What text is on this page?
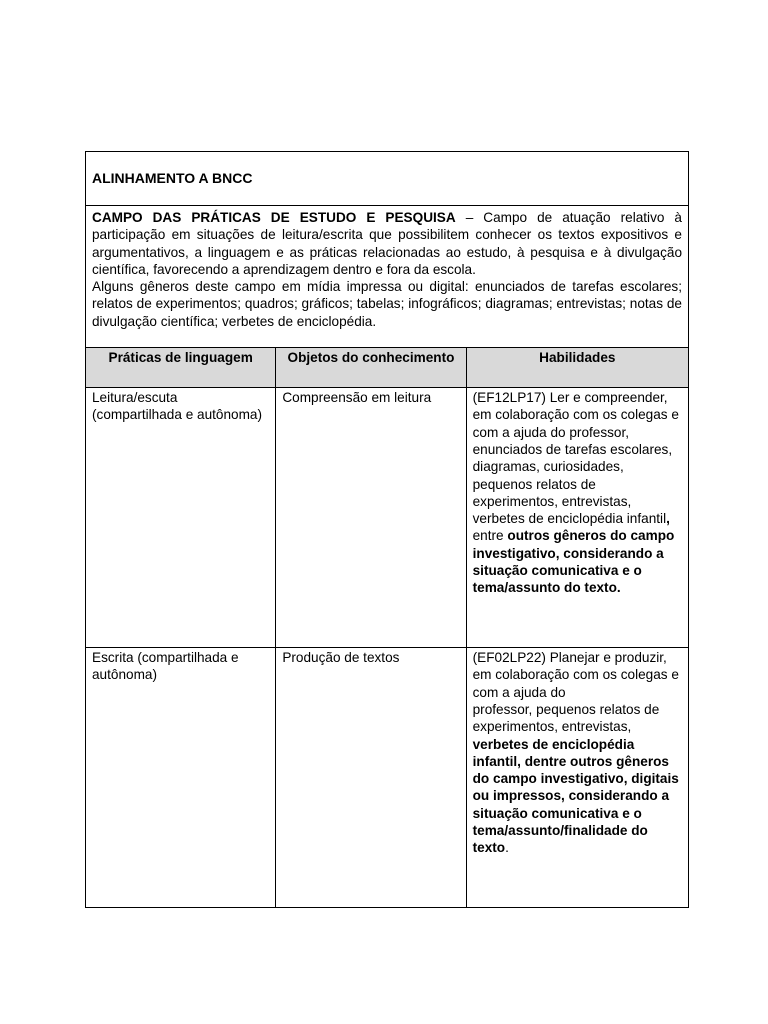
ALINHAMENTO A BNCC		

CAMPO DAS PRÁTICAS DE ESTUDO E PESQUISA – Campo de atuação relativo à participação em situações de leitura/escrita que possibilitem conhecer os textos expositivos e argumentativos, a linguagem e as práticas relacionadas ao estudo, à pesquisa e à divulgação científica, favorecendo a aprendizagem dentro e fora da escola.

Alguns gêneros deste campo em mídia impressa ou digital: enunciados de tarefas escolares; relatos de experimentos; quadros; gráficos; tabelas; infográficos; diagramas; entrevistas; notas de divulgação científica; verbetes de enciclopédia.		

Práticas de linguagem	Objetos do conhecimento	Habilidades
Leitura/escuta (compartilhada e autônoma)	Compreensão em leitura	(EF12LP17) Ler e compreender, em colaboração com os colegas e com a ajuda do professor, enunciados de tarefas escolares, diagramas, curiosidades, pequenos relatos de experimentos, entrevistas, verbetes de enciclopédia infantil, entre outros gêneros do campo investigativo, considerando a situação comunicativa e o tema/assunto do texto.
Escrita (compartilhada e autônoma)	Produção de textos	(EF02LP22) Planejar e produzir, em colaboração com os colegas e com a ajuda do
professor, pequenos relatos de experimentos, entrevistas, verbetes de enciclopédia infantil, dentre outros gêneros do campo investigativo, digitais ou impressos, considerando a situação comunicativa e o tema/assunto/finalidade do texto.
